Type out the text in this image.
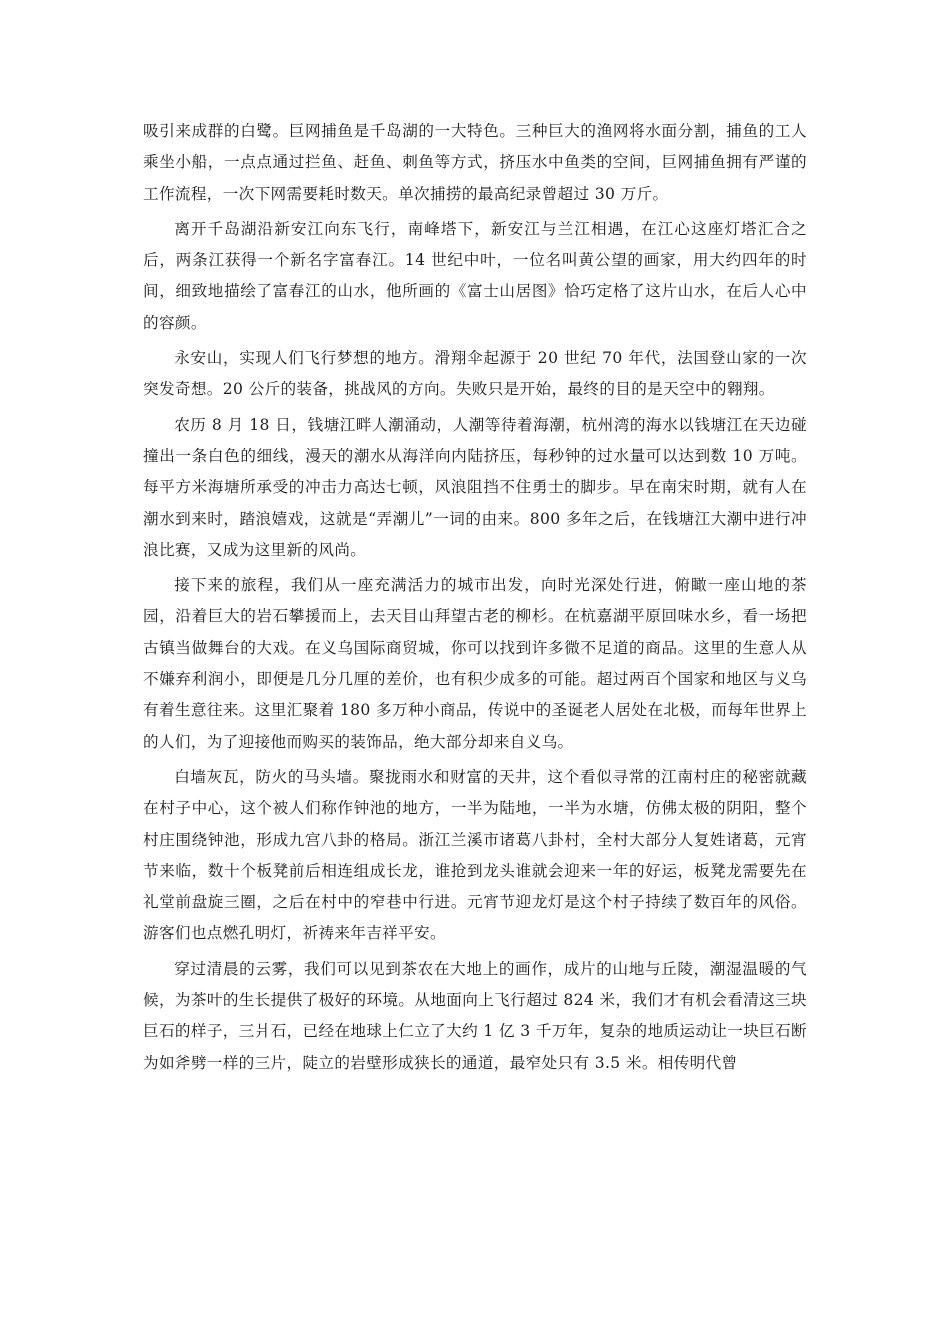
吸引来成群的白鹭。巨网捕鱼是千岛湖的一大特色。三种巨大的渔网将水面分割，捕鱼的工人乘坐小船，一点点通过拦鱼、赶鱼、刺鱼等方式，挤压水中鱼类的空间，巨网捕鱼拥有严谨的工作流程，一次下网需要耗时数天。单次捕捞的最高纪录曾超过 30 万斤。

离开千岛湖沿新安江向东飞行，南峰塔下，新安江与兰江相遇，在江心这座灯塔汇合之后，两条江获得一个新名字富春江。14 世纪中叶，一位名叫黄公望的画家，用大约四年的时间，细致地描绘了富春江的山水，他所画的《富士山居图》恰巧定格了这片山水，在后人心中的容颜。

永安山，实现人们飞行梦想的地方。滑翔伞起源于 20 世纪 70 年代，法国登山家的一次突发奇想。20 公斤的装备，挑战风的方向。失败只是开始，最终的目的是天空中的翱翔。

农历 8 月 18 日，钱塘江畔人潮涌动，人潮等待着海潮，杭州湾的海水以钱塘江在天边碰撞出一条白色的细线，漫天的潮水从海洋向内陆挤压，每秒钟的过水量可以达到数 10 万吨。每平方米海塘所承受的冲击力高达七顿，风浪阻挡不住勇士的脚步。早在南宋时期，就有人在潮水到来时，踏浪嬉戏，这就是“弄潮儿”一词的由来。800 多年之后，在钱塘江大潮中进行冲浪比赛，又成为这里新的风尚。

接下来的旅程，我们从一座充满活力的城市出发，向时光深处行进，俯瞰一座山地的茶园，沿着巨大的岩石攀援而上，去天目山拜望古老的柳杉。在杭嘉湖平原回味水乡，看一场把古镇当做舞台的大戏。在义乌国际商贸城，你可以找到许多微不足道的商品。这里的生意人从不嫌弃利润小，即便是几分几厘的差价，也有积少成多的可能。超过两百个国家和地区与义乌有着生意往来。这里汇聚着 180 多万种小商品，传说中的圣诞老人居处在北极，而每年世界上的人们，为了迎接他而购买的装饰品，绝大部分却来自义乌。

白墙灰瓦，防火的马头墙。聚拢雨水和财富的天井，这个看似寻常的江南村庄的秘密就藏在村子中心，这个被人们称作钟池的地方，一半为陆地，一半为水塘，仿佛太极的阴阳，整个村庄围绕钟池，形成九宫八卦的格局。浙江兰溪市诸葛八卦村，全村大部分人复姓诸葛，元宵节来临，数十个板凳前后相连组成长龙，谁抢到龙头谁就会迎来一年的好运，板凳龙需要先在礼堂前盘旋三圈，之后在村中的窄巷中行进。元宵节迎龙灯是这个村子持续了数百年的风俗。游客们也点燃孔明灯，祈祷来年吉祥平安。

穿过清晨的云雾，我们可以见到茶农在大地上的画作，成片的山地与丘陵，潮湿温暖的气候，为茶叶的生长提供了极好的环境。从地面向上飞行超过 824 米，我们才有机会看清这三块巨石的样子，三爿石，已经在地球上仁立了大约 1 亿 3 千万年，复杂的地质运动让一块巨石断为如斧劈一样的三片，陡立的岩壁形成狭长的通道，最窄处只有 3.5 米。相传明代曾
